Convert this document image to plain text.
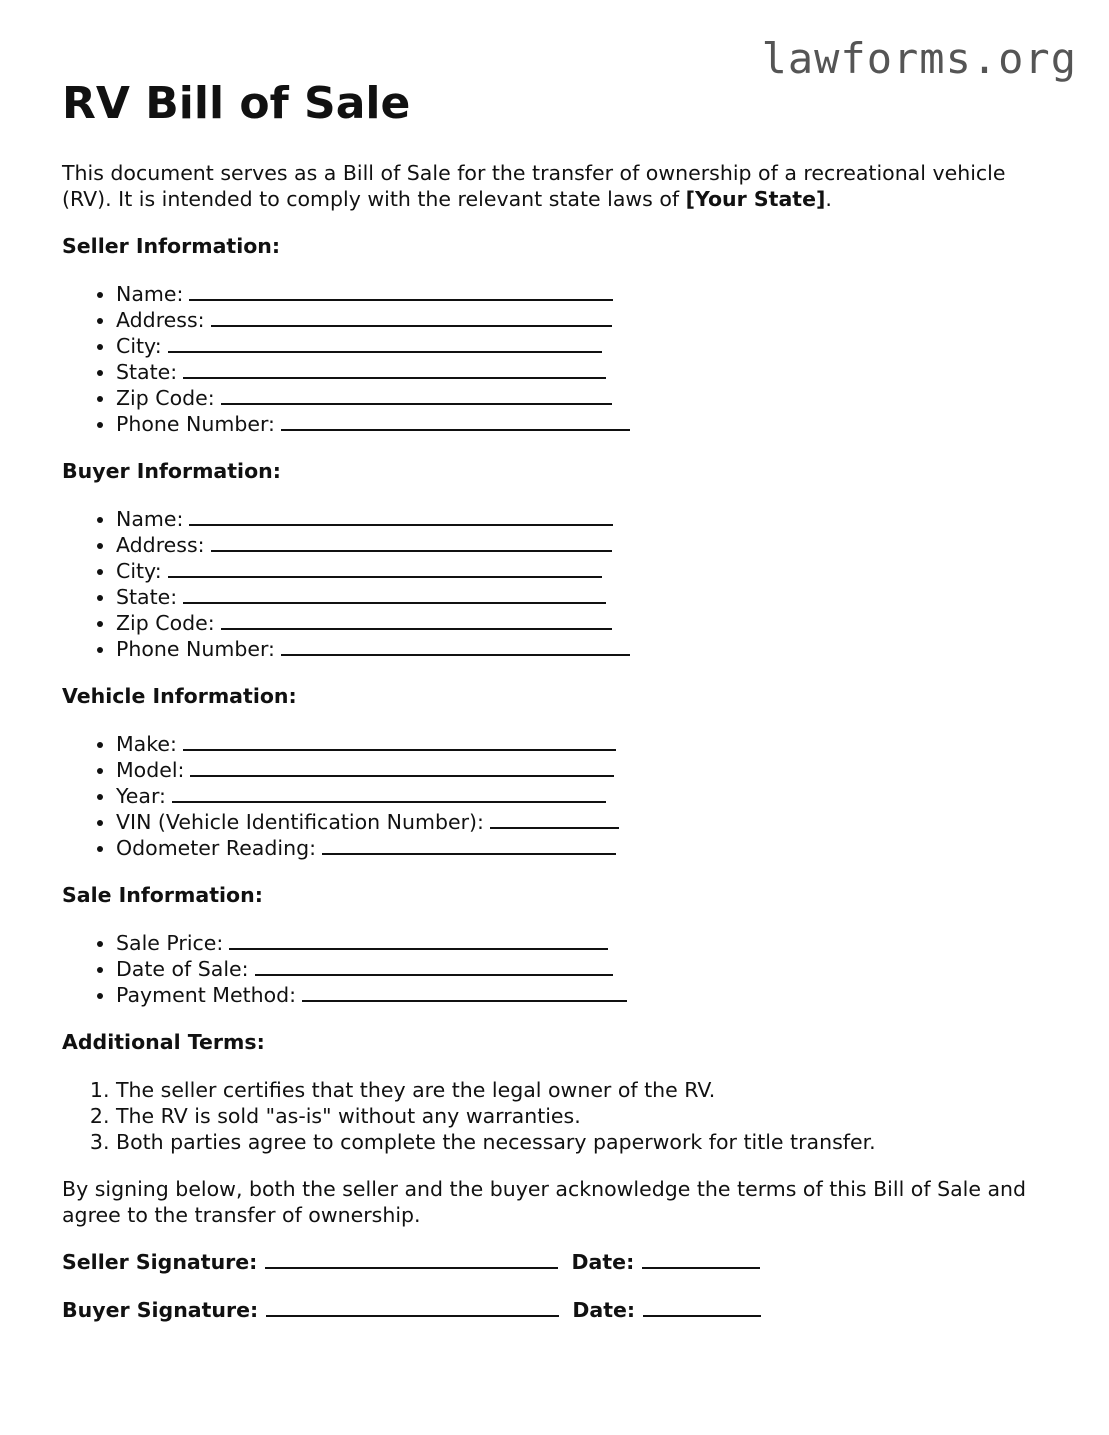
lawforms.org
RV Bill of Sale

This document serves as a Bill of Sale for the transfer of ownership of a recreational vehicle (RV). It is intended to comply with the relevant state laws of [Your State].

Seller Information:
• Name:
• Address:
• City:
• State:
• Zip Code:
• Phone Number:
Buyer Information:
• Name:
• Address:
• City:
• State:
• Zip Code:
• Phone Number:
Vehicle Information:
• Make:
• Model:
• Year:
• VIN (Vehicle Identification Number):
• Odometer Reading:
Sale Information:
• Sale Price:
• Date of Sale:
• Payment Method:
Additional Terms:
1. The seller certifies that they are the legal owner of the RV.
2. The RV is sold "as-is" without any warranties.
3. Both parties agree to complete the necessary paperwork for title transfer.

By signing below, both the seller and the buyer acknowledge the terms of this Bill of Sale and agree to the transfer of ownership.

Seller Signature:	Date:
Buyer Signature:	Date:
